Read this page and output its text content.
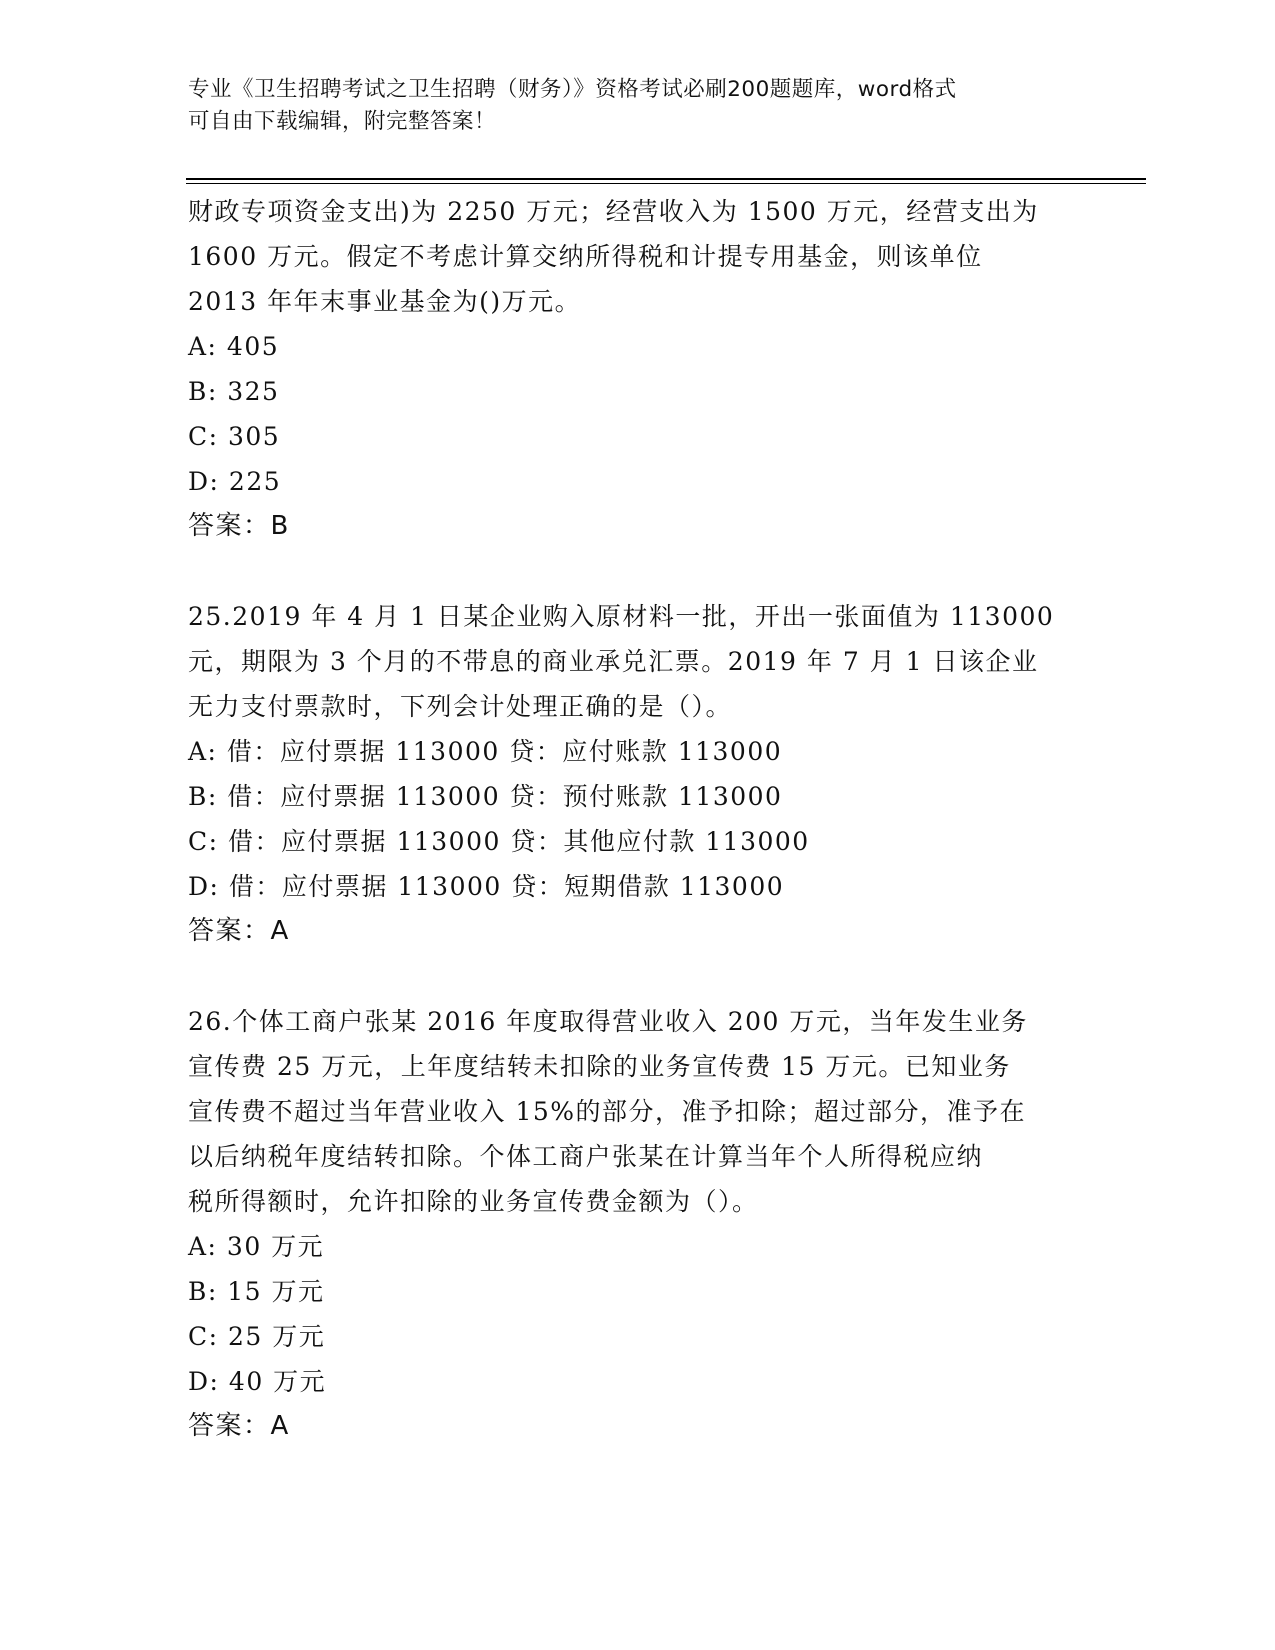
专业《卫生招聘考试之卫生招聘（财务）》资格考试必刷200题题库，word格式
可自由下载编辑，附完整答案！
财政专项资金支出)为 2250 万元；经营收入为 1500 万元，经营支出为
1600 万元。假定不考虑计算交纳所得税和计提专用基金，则该单位
2013 年年末事业基金为()万元。
A: 405
B: 325
C: 305
D: 225
答案：B
25.2019 年 4 月 1 日某企业购入原材料一批，开出一张面值为 113000
元，期限为 3 个月的不带息的商业承兑汇票。2019 年 7 月 1 日该企业
无力支付票款时，下列会计处理正确的是（）。
A: 借：应付票据 113000 贷：应付账款 113000
B: 借：应付票据 113000 贷：预付账款 113000
C: 借：应付票据 113000 贷：其他应付款 113000
D: 借：应付票据 113000 贷：短期借款 113000
答案：A
26.个体工商户张某 2016 年度取得营业收入 200 万元，当年发生业务
宣传费 25 万元，上年度结转未扣除的业务宣传费 15 万元。已知业务
宣传费不超过当年营业收入 15%的部分，准予扣除；超过部分，准予在
以后纳税年度结转扣除。个体工商户张某在计算当年个人所得税应纳
税所得额时，允许扣除的业务宣传费金额为（）。
A: 30 万元
B: 15 万元
C: 25 万元
D: 40 万元
答案：A
